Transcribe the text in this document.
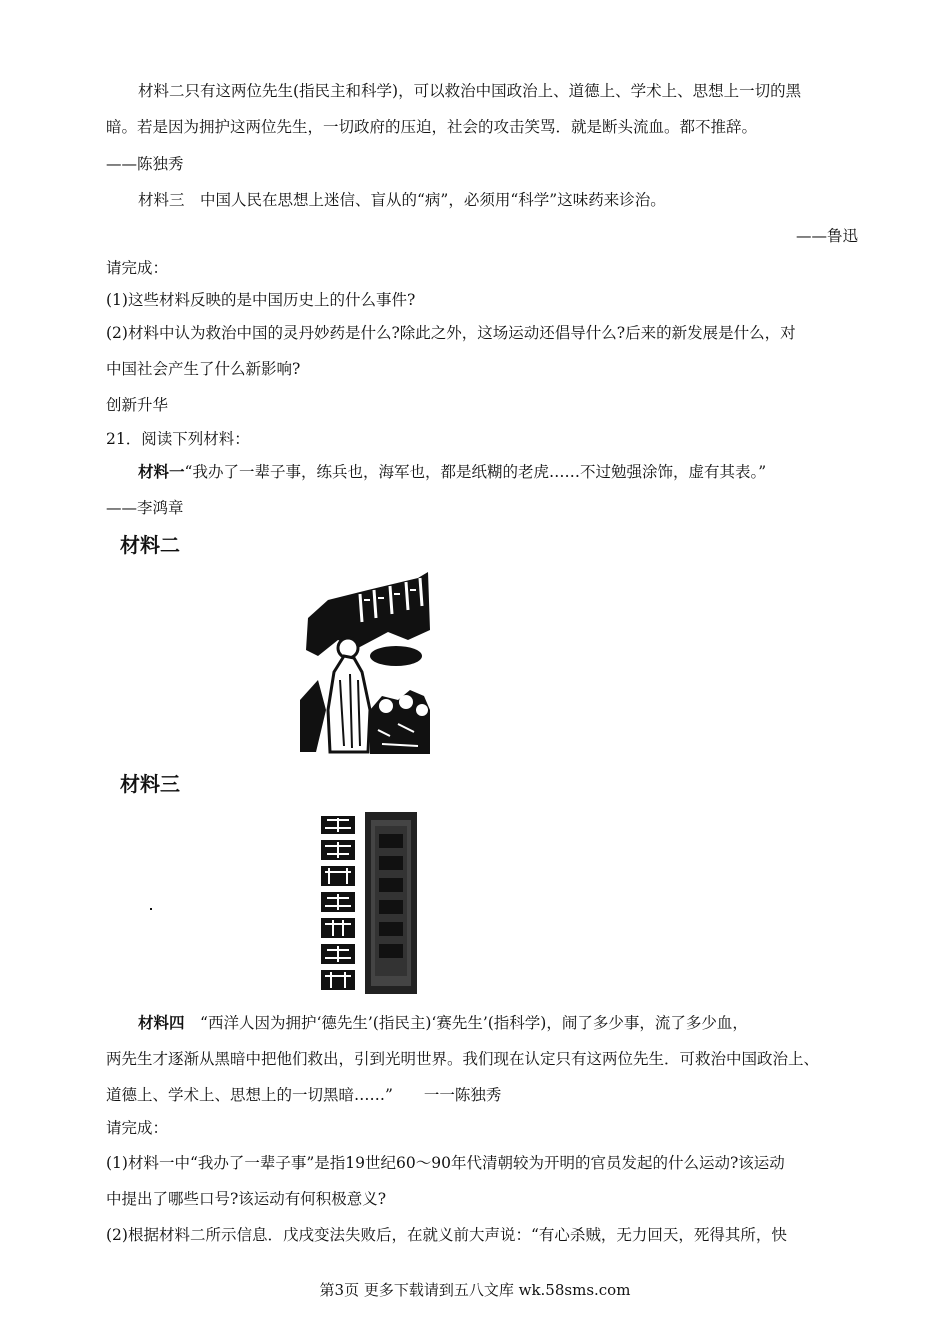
材料二只有这两位先生(指民主和科学)，可以救治中国政治上、道德上、学术上、思想上一切的黑
暗。若是因为拥护这两位先生，一切政府的压迫，社会的攻击笑骂．就是断头流血。都不推辞。
——陈独秀
材料三　中国人民在思想上迷信、盲从的“病”，必须用“科学”这味药来诊治。
——鲁迅
请完成：
(1)这些材料反映的是中国历史上的什么事件?
(2)材料中认为救治中国的灵丹妙药是什么?除此之外，这场运动还倡导什么?后来的新发展是什么，对
中国社会产生了什么新影响?
创新升华
21．阅读下列材料：
材料一“我办了一辈子事，练兵也，海军也，都是纸糊的老虎……不过勉强涂饰，虚有其表。”
——李鸿章
材料二
材料三
材料四　“西洋人因为拥护‘德先生’(指民主)‘赛先生’(指科学)，闹了多少事，流了多少血，
两先生才逐渐从黑暗中把他们救出，引到光明世界。我们现在认定只有这两位先生．可救治中国政治上、
道德上、学术上、思想上的一切黑暗……”　　一一陈独秀
请完成：
(1)材料一中“我办了一辈子事”是指19世纪60～90年代清朝较为开明的官员发起的什么运动?该运动
中提出了哪些口号?该运动有何积极意义?
(2)根据材料二所示信息．戊戌变法失败后，在就义前大声说：“有心杀贼，无力回天，死得其所，快
第3页 更多下载请到五八文库 wk.58sms.com
